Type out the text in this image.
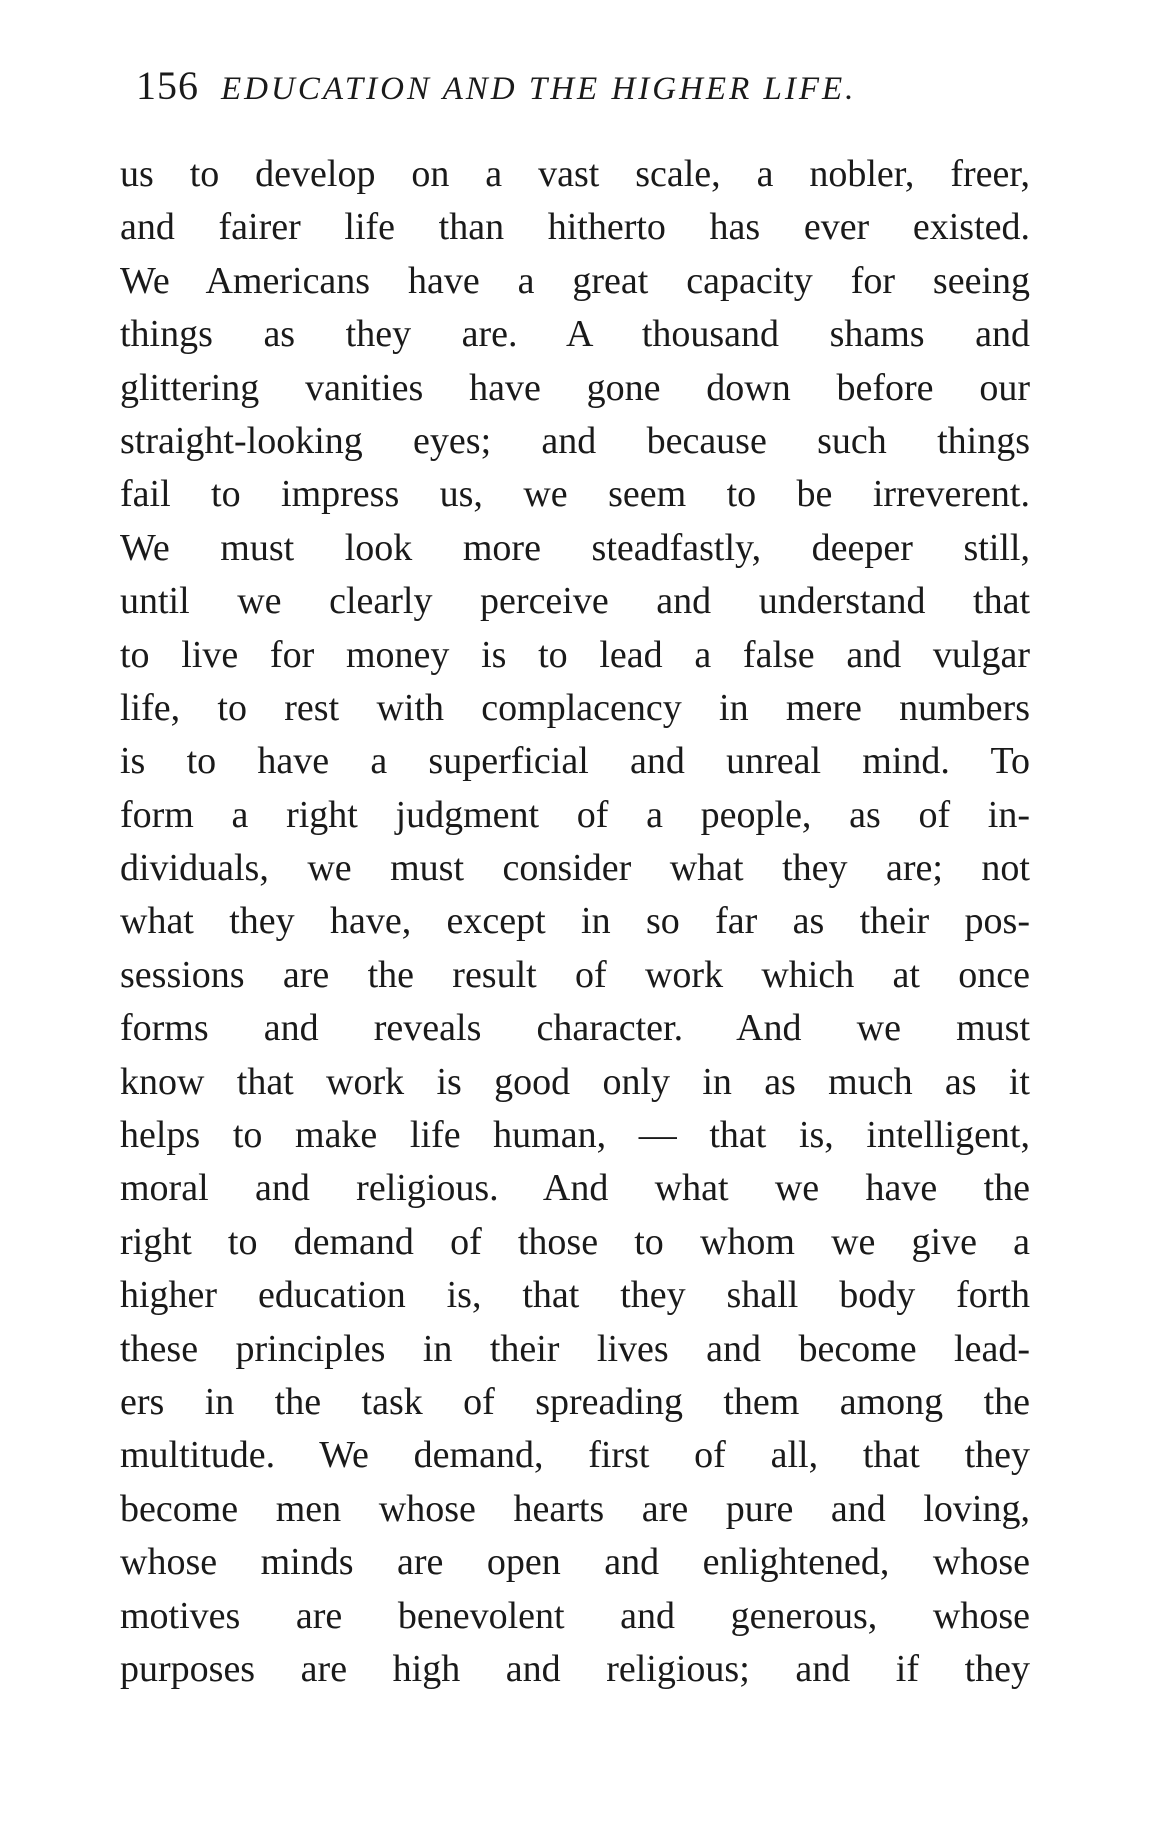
156 EDUCATION AND THE HIGHER LIFE.
us to develop on a vast scale, a nobler, freer,
and fairer life than hitherto has ever existed.
We Americans have a great capacity for seeing
things as they are. A thousand shams and
glittering vanities have gone down before our
straight-looking eyes; and because such things
fail to impress us, we seem to be irreverent.
We must look more steadfastly, deeper still,
until we clearly perceive and understand that
to live for money is to lead a false and vulgar
life, to rest with complacency in mere numbers
is to have a superficial and unreal mind. To
form a right judgment of a people, as of in-
dividuals, we must consider what they are; not
what they have, except in so far as their pos-
sessions are the result of work which at once
forms and reveals character. And we must
know that work is good only in as much as it
helps to make life human, — that is, intelligent,
moral and religious. And what we have the
right to demand of those to whom we give a
higher education is, that they shall body forth
these principles in their lives and become lead-
ers in the task of spreading them among the
multitude. We demand, first of all, that they
become men whose hearts are pure and loving,
whose minds are open and enlightened, whose
motives are benevolent and generous, whose
purposes are high and religious; and if they
